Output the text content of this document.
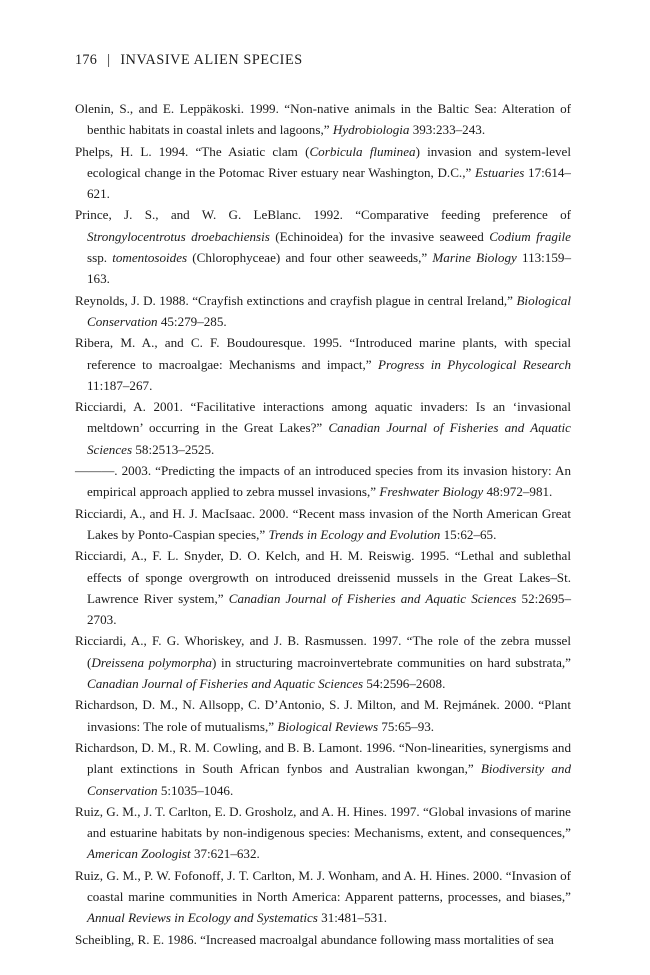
176 | INVASIVE ALIEN SPECIES
Olenin, S., and E. Leppäkoski. 1999. “Non-native animals in the Baltic Sea: Alteration of benthic habitats in coastal inlets and lagoons,” Hydrobiologia 393:233–243.
Phelps, H. L. 1994. “The Asiatic clam (Corbicula fluminea) invasion and system-level ecological change in the Potomac River estuary near Washington, D.C.,” Estuaries 17:614–621.
Prince, J. S., and W. G. LeBlanc. 1992. “Comparative feeding preference of Strongylocentrotus droebachiensis (Echinoidea) for the invasive seaweed Codium fragile ssp. tomentosoides (Chlorophyceae) and four other seaweeds,” Marine Biology 113:159–163.
Reynolds, J. D. 1988. “Crayfish extinctions and crayfish plague in central Ireland,” Biological Conservation 45:279–285.
Ribera, M. A., and C. F. Boudouresque. 1995. “Introduced marine plants, with special reference to macroalgae: Mechanisms and impact,” Progress in Phycological Research 11:187–267.
Ricciardi, A. 2001. “Facilitative interactions among aquatic invaders: Is an ‘invasional meltdown’ occurring in the Great Lakes?” Canadian Journal of Fisheries and Aquatic Sciences 58:2513–2525.
———. 2003. “Predicting the impacts of an introduced species from its invasion history: An empirical approach applied to zebra mussel invasions,” Freshwater Biology 48:972–981.
Ricciardi, A., and H. J. MacIsaac. 2000. “Recent mass invasion of the North American Great Lakes by Ponto-Caspian species,” Trends in Ecology and Evolution 15:62–65.
Ricciardi, A., F. L. Snyder, D. O. Kelch, and H. M. Reiswig. 1995. “Lethal and sublethal effects of sponge overgrowth on introduced dreissenid mussels in the Great Lakes–St. Lawrence River system,” Canadian Journal of Fisheries and Aquatic Sciences 52:2695–2703.
Ricciardi, A., F. G. Whoriskey, and J. B. Rasmussen. 1997. “The role of the zebra mussel (Dreissena polymorpha) in structuring macroinvertebrate communities on hard substrata,” Canadian Journal of Fisheries and Aquatic Sciences 54:2596–2608.
Richardson, D. M., N. Allsopp, C. D’Antonio, S. J. Milton, and M. Rejmánek. 2000. “Plant invasions: The role of mutualisms,” Biological Reviews 75:65–93.
Richardson, D. M., R. M. Cowling, and B. B. Lamont. 1996. “Non-linearities, synergisms and plant extinctions in South African fynbos and Australian kwongan,” Biodiversity and Conservation 5:1035–1046.
Ruiz, G. M., J. T. Carlton, E. D. Grosholz, and A. H. Hines. 1997. “Global invasions of marine and estuarine habitats by non-indigenous species: Mechanisms, extent, and consequences,” American Zoologist 37:621–632.
Ruiz, G. M., P. W. Fofonoff, J. T. Carlton, M. J. Wonham, and A. H. Hines. 2000. “Invasion of coastal marine communities in North America: Apparent patterns, processes, and biases,” Annual Reviews in Ecology and Systematics 31:481–531.
Scheibling, R. E. 1986. “Increased macroalgal abundance following mass mortalities of sea
